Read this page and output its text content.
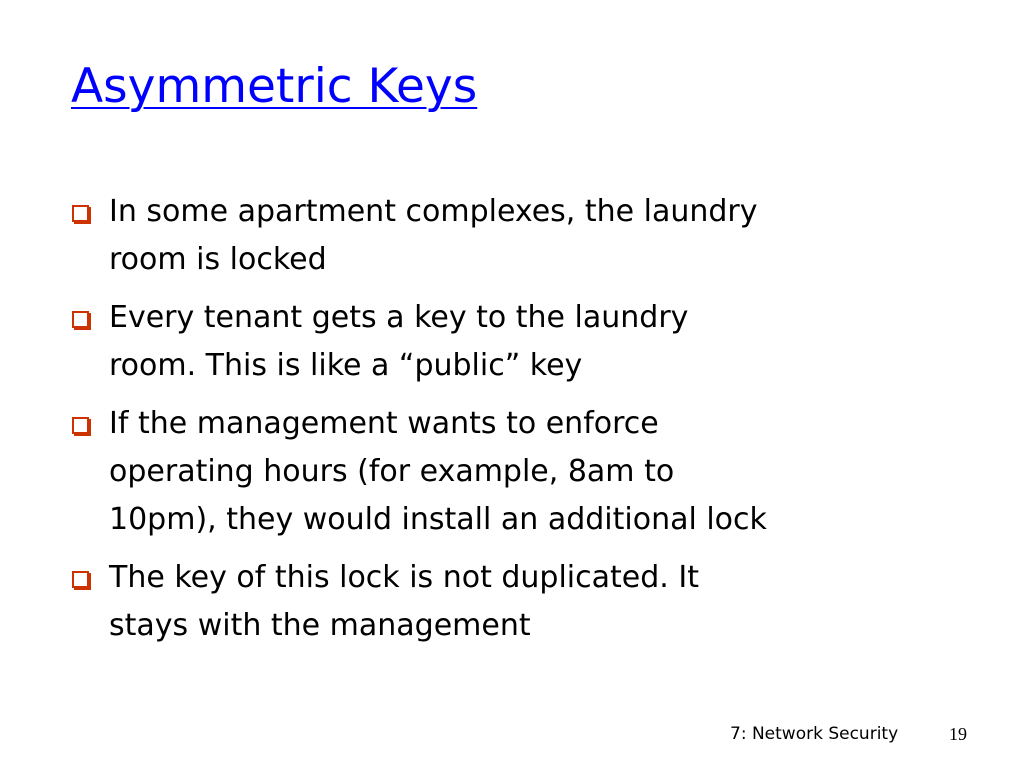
Asymmetric Keys
In some apartment complexes, the laundry
room is locked
Every tenant gets a key to the laundry
room. This is like a “public” key
If the management wants to enforce
operating hours (for example, 8am to
10pm), they would install an additional lock
The key of this lock is not duplicated. It
stays with the management
7: Network Security	19
